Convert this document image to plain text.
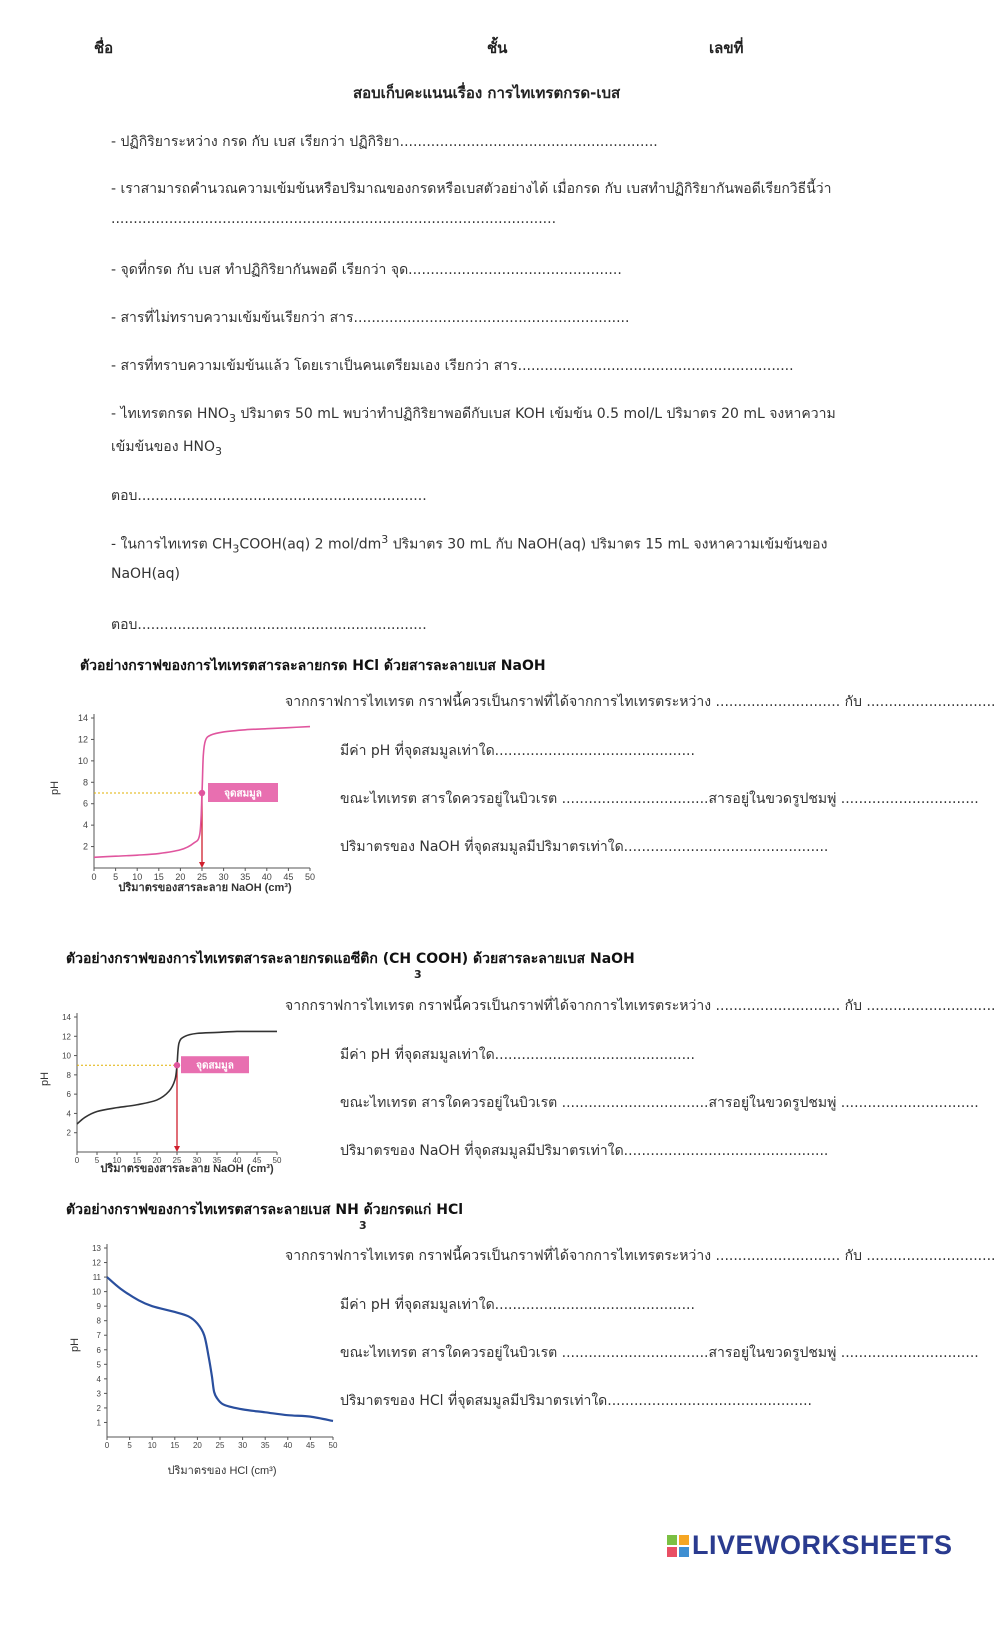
ชื่อ	ชั้น	เลขที่
สอบเก็บคะแนนเรื่อง การไทเทรตกรด-เบส
- ปฏิกิริยาระหว่าง กรด กับ เบส เรียกว่า ปฏิกิริยา..........................................................
- เราสามารถคำนวณความเข้มข้นหรือปริมาณของกรดหรือเบสตัวอย่างได้ เมื่อกรด กับ เบสทำปฏิกิริยากันพอดีเรียกวิธีนี้ว่า
....................................................................................................
- จุดที่กรด กับ เบส ทำปฏิกิริยากันพอดี เรียกว่า จุด................................................
- สารที่ไม่ทราบความเข้มข้นเรียกว่า สาร..............................................................
- สารที่ทราบความเข้มข้นแล้ว โดยเราเป็นคนเตรียมเอง เรียกว่า สาร..............................................................
- ไทเทรตกรด $HNO_3$ ปริมาตร 50 mL พบว่าทำปฏิกิริยาพอดีกับเบส KOH เข้มข้น 0.5 mol/L ปริมาตร 20 mL จงหาความ
เข้มข้นของ $HNO_3$
ตอบ.................................................................
- ในการไทเทรต $CH_3COOH(aq)$ 2 mol/$dm^3$ ปริมาตร 30 mL กับ NaOH(aq) ปริมาตร 15 mL จงหาความเข้มข้นของ
NaOH(aq)
ตอบ.................................................................
ตัวอย่างกราฟของการไทเทรตสารละลายกรด HCl ด้วยสารละลายเบส NaOH
จากกราฟการไทเทรต กราฟนี้ควรเป็นกราฟที่ได้จากการไทเทรตระหว่าง ............................ กับ .............................
มีค่า pH ที่จุดสมมูลเท่าใด.............................................
ขณะไทเทรต สารใดควรอยู่ในบิวเรต .................................สารอยู่ในขวดรูปชมพู่ ...............................
ปริมาตรของ NaOH ที่จุดสมมูลมีปริมาตรเท่าใด..............................................
ตัวอย่างกราฟของการไทเทรตสารละลายกรดแอซีติก (CH COOH) ด้วยสารละลายเบส NaOH
3
จากกราฟการไทเทรต กราฟนี้ควรเป็นกราฟที่ได้จากการไทเทรตระหว่าง ............................ กับ .............................
มีค่า pH ที่จุดสมมูลเท่าใด.............................................
ขณะไทเทรต สารใดควรอยู่ในบิวเรต .................................สารอยู่ในขวดรูปชมพู่ ...............................
ปริมาตรของ NaOH ที่จุดสมมูลมีปริมาตรเท่าใด..............................................
ตัวอย่างกราฟของการไทเทรตสารละลายเบส NH ด้วยกรดแก่ HCl
3
จากกราฟการไทเทรต กราฟนี้ควรเป็นกราฟที่ได้จากการไทเทรตระหว่าง ............................ กับ .............................
มีค่า pH ที่จุดสมมูลเท่าใด.............................................
ขณะไทเทรต สารใดควรอยู่ในบิวเรต .................................สารอยู่ในขวดรูปชมพู่ ...............................
ปริมาตรของ HCl ที่จุดสมมูลมีปริมาตรเท่าใด..............................................
0 5 10 15 20 25 30 35 40 45 50
2
4
6
8
10
12
14
pH
ปริมาตรของสารละลาย NaOH (cm³)
จุดสมมูล
0 5 10 15 20 25 30 35 40 45 50
2
4
6
8
10
12
14
pH
ปริมาตรของสารละลาย NaOH (cm³)
จุดสมมูล
0 5 10 15 20 25 30 35 40 45 50
1
2
3
4
5
6
7
8
9
10
11
12
13
pH
ปริมาตรของ HCl (cm³)
LIVEWORKSHEETS
